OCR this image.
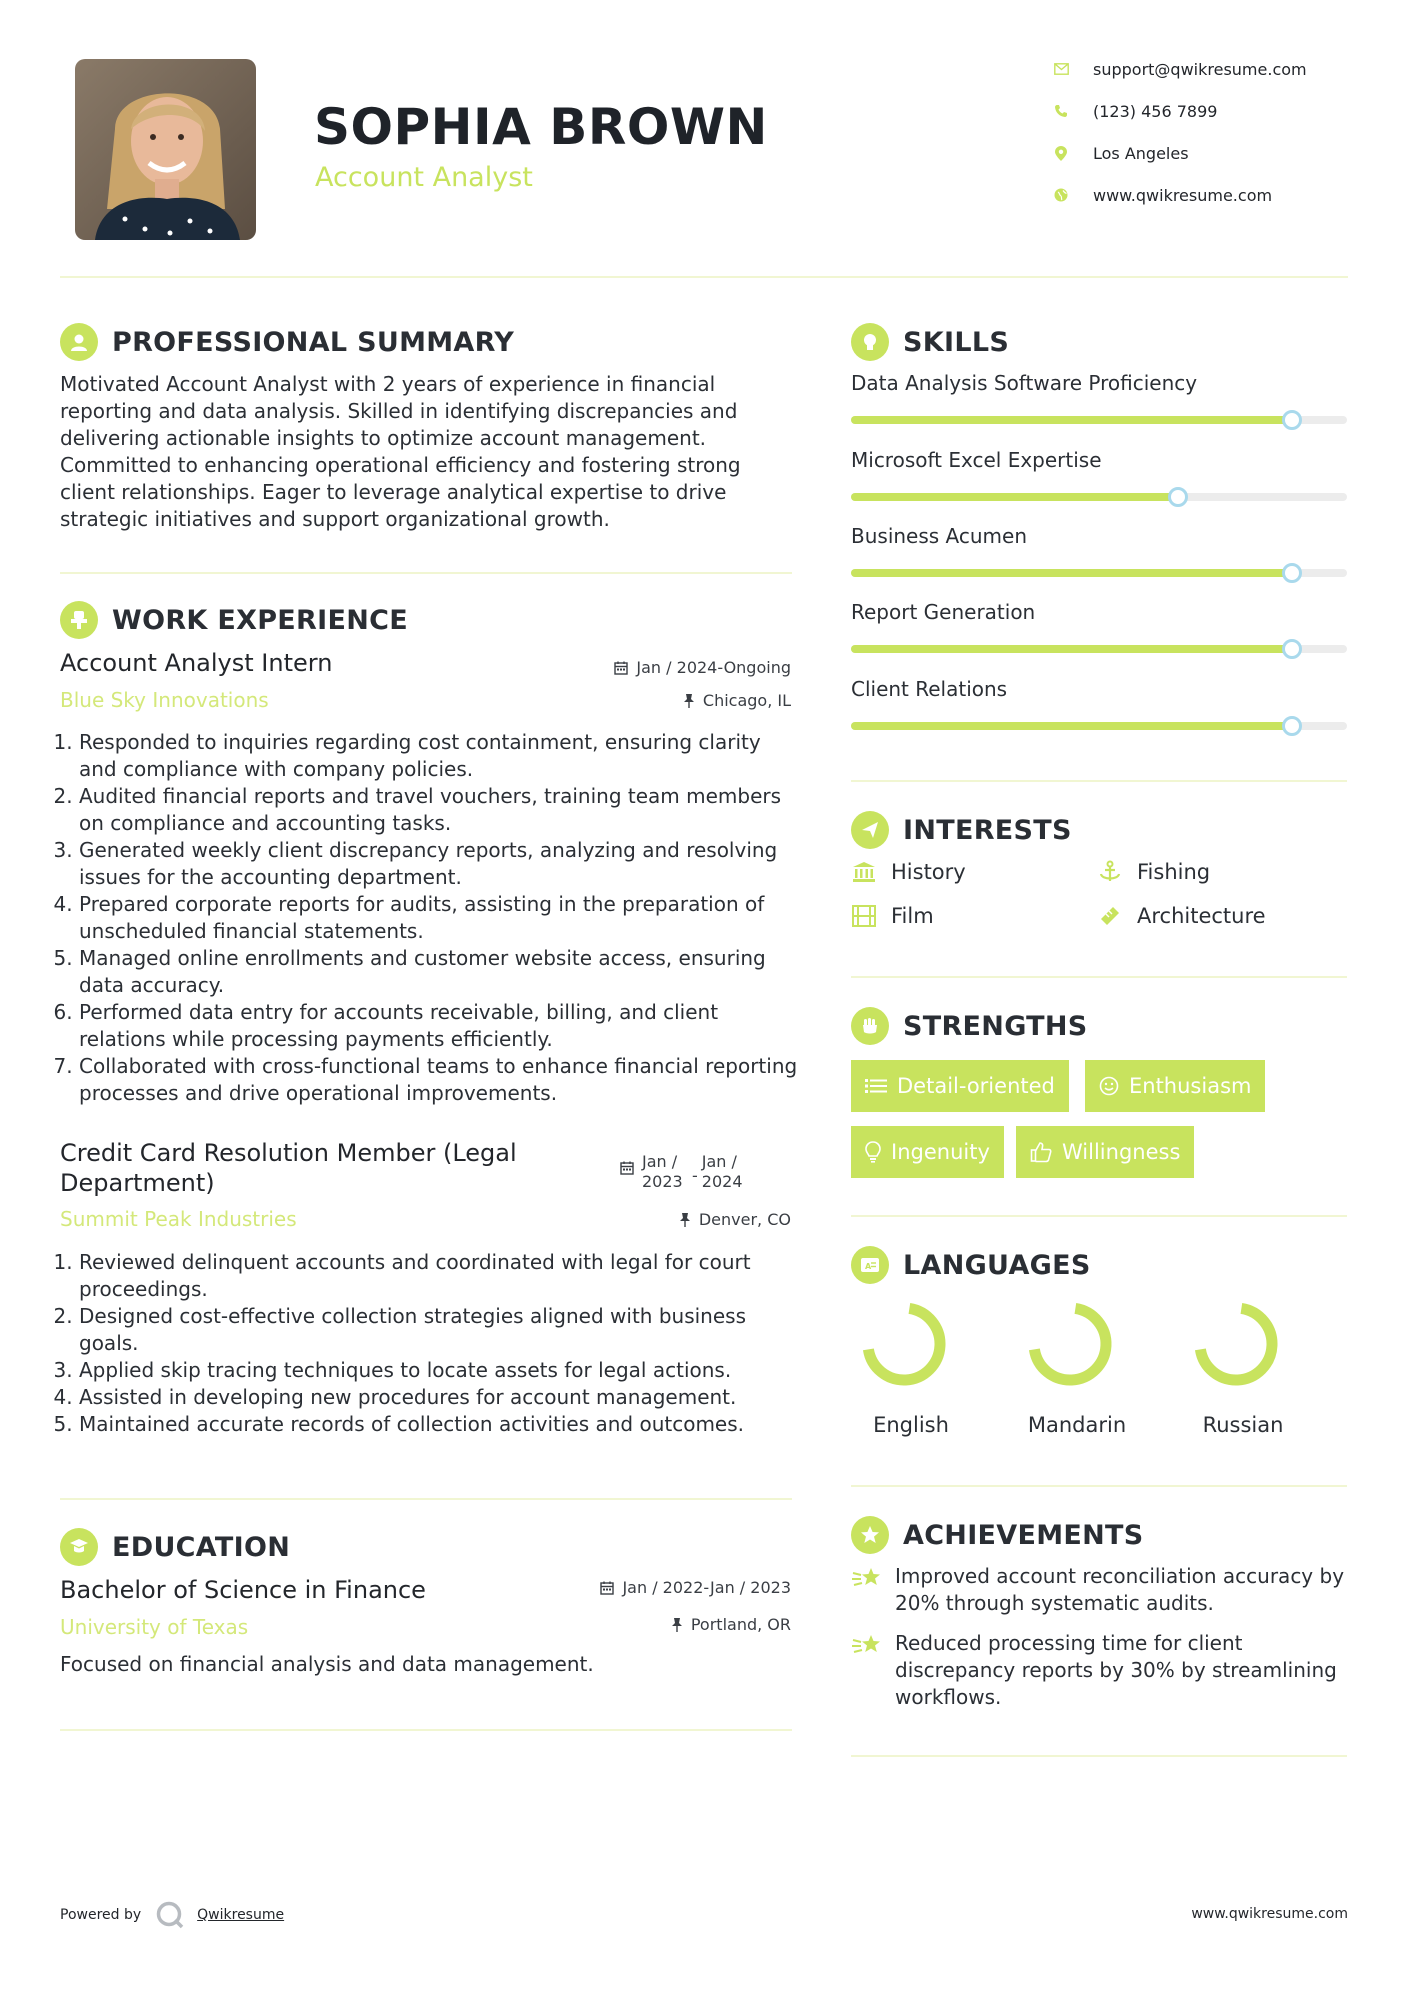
SOPHIA BROWN
Account Analyst
support@qwikresume.com
(123) 456 7899
Los Angeles
www.qwikresume.com
PROFESSIONAL SUMMARY
Motivated Account Analyst with 2 years of experience in financial reporting and data analysis. Skilled in identifying discrepancies and delivering actionable insights to optimize account management. Committed to enhancing operational efficiency and fostering strong client relationships. Eager to leverage analytical expertise to drive strategic initiatives and support organizational growth.
WORK EXPERIENCE
Account Analyst Intern	Jan / 2024-Ongoing
Blue Sky Innovations	Chicago, IL
1. Responded to inquiries regarding cost containment, ensuring clarity and compliance with company policies.
2. Audited financial reports and travel vouchers, training team members on compliance and accounting tasks.
3. Generated weekly client discrepancy reports, analyzing and resolving issues for the accounting department.
4. Prepared corporate reports for audits, assisting in the preparation of unscheduled financial statements.
5. Managed online enrollments and customer website access, ensuring data accuracy.
6. Performed data entry for accounts receivable, billing, and client relations while processing payments efficiently.
7. Collaborated with cross-functional teams to enhance financial reporting processes and drive operational improvements.
Credit Card Resolution Member (Legal Department)
Jan / 2023 -
Jan / 2024
Summit Peak Industries	Denver, CO
1. Reviewed delinquent accounts and coordinated with legal for court proceedings.
2. Designed cost-effective collection strategies aligned with business goals.
3. Applied skip tracing techniques to locate assets for legal actions.
4. Assisted in developing new procedures for account management.
5. Maintained accurate records of collection activities and outcomes.
EDUCATION
Bachelor of Science in Finance	Jan / 2022-Jan / 2023
University of Texas	Portland, OR
Focused on financial analysis and data management.
SKILLS
Data Analysis Software Proficiency
Microsoft Excel Expertise
Business Acumen
Report Generation
Client Relations
INTERESTS
History	Fishing
Film	Architecture
STRENGTHS
Detail-oriented	Enthusiasm
Ingenuity	Willingness
A LANGUAGES
English	Mandarin	Russian
ACHIEVEMENTS
Improved account reconciliation accuracy by 20% through systematic audits.
Reduced processing time for client discrepancy reports by 30% by streamlining workflows.
Powered by	Qwikresume	www.qwikresume.com
